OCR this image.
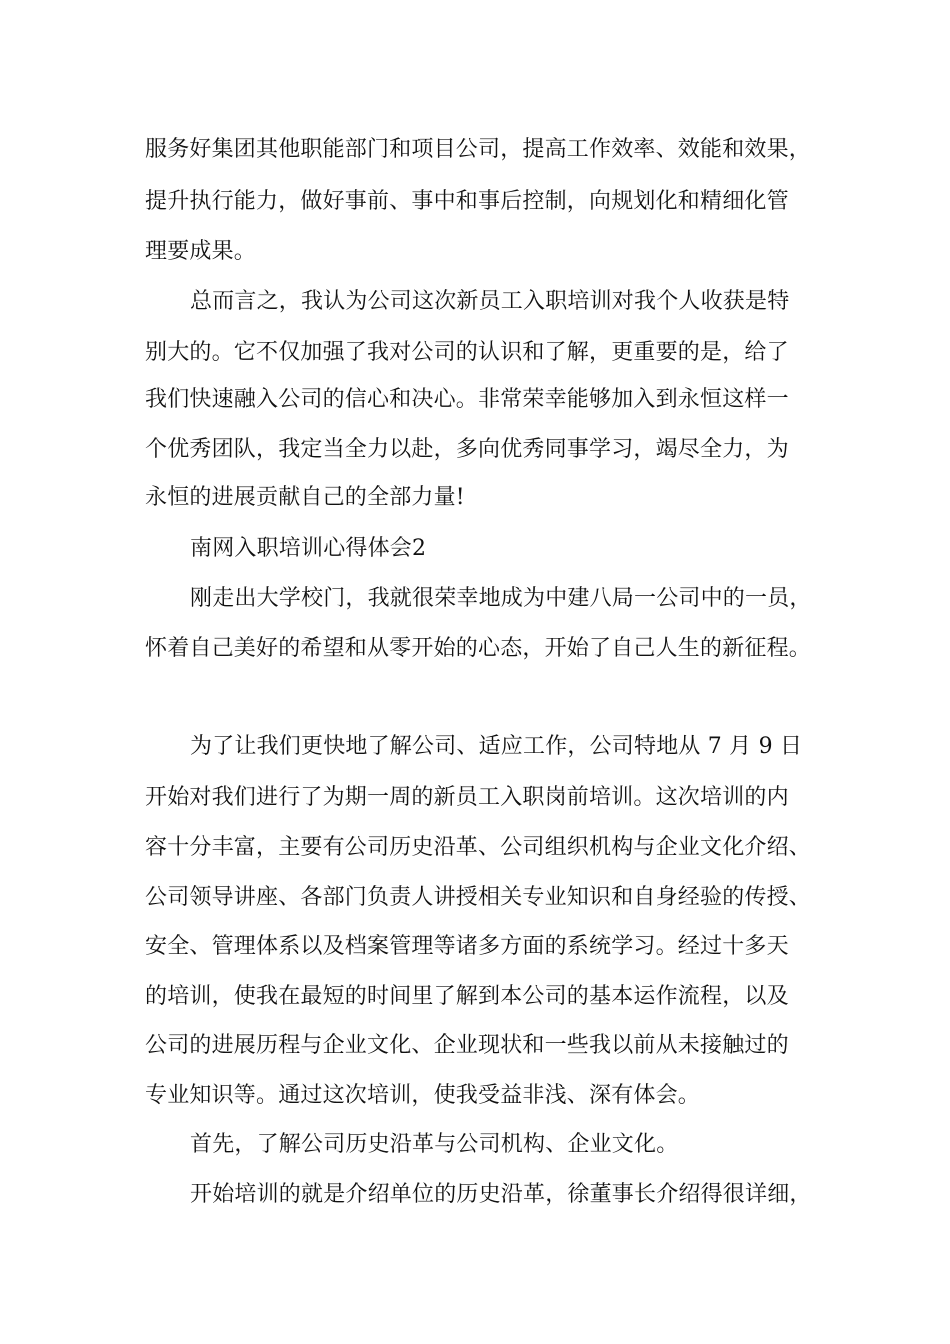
服务好集团其他职能部门和项目公司，提高工作效率、效能和效果，
提升执行能力，做好事前、事中和事后控制，向规划化和精细化管
理要成果。
总而言之，我认为公司这次新员工入职培训对我个人收获是特
别大的。它不仅加强了我对公司的认识和了解，更重要的是，给了
我们快速融入公司的信心和决心。非常荣幸能够加入到永恒这样一
个优秀团队，我定当全力以赴，多向优秀同事学习，竭尽全力，为
永恒的进展贡献自己的全部力量!
南网入职培训心得体会2
刚走出大学校门，我就很荣幸地成为中建八局一公司中的一员，
怀着自己美好的希望和从零开始的心态，开始了自己人生的新征程。
为了让我们更快地了解公司、适应工作，公司特地从 7 月 9 日
开始对我们进行了为期一周的新员工入职岗前培训。这次培训的内
容十分丰富，主要有公司历史沿革、公司组织机构与企业文化介绍、
公司领导讲座、各部门负责人讲授相关专业知识和自身经验的传授、
安全、管理体系以及档案管理等诸多方面的系统学习。经过十多天
的培训，使我在最短的时间里了解到本公司的基本运作流程，以及
公司的进展历程与企业文化、企业现状和一些我以前从未接触过的
专业知识等。通过这次培训，使我受益非浅、深有体会。
首先，了解公司历史沿革与公司机构、企业文化。
开始培训的就是介绍单位的历史沿革，徐董事长介绍得很详细，
